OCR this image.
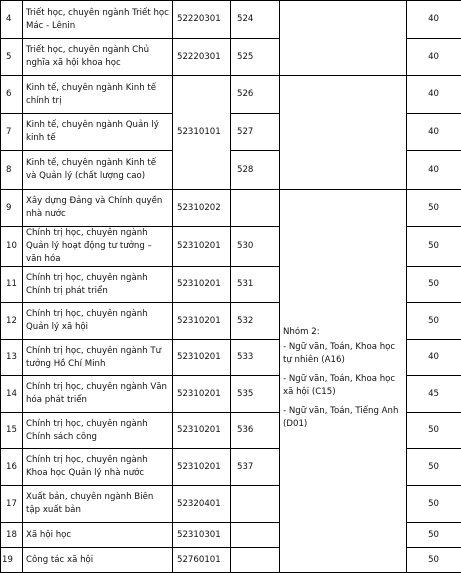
4	Triết học, chuyên ngành Triết học Mác - Lênin	52220301	524		40
5	Triết học, chuyên ngành Chủ nghĩa xã hội khoa học	52220301	525		40
6	Kinh tế, chuyên ngành Kinh tế chính trị	52310101	526		40
7	Kinh tế, chuyên ngành Quản lý kinh tế		527		40
8	Kinh tế, chuyên ngành Kinh tế và Quản lý (chất lượng cao)		528		40
9	Xây dựng Đảng và Chính quyền nhà nước	52310202		Nhóm 2:
- Ngữ văn, Toán, Khoa học tự nhiên (A16)
- Ngữ văn, Toán, Khoa học xã hội (C15)
- Ngữ văn, Toán, Tiếng Anh (D01)	50
10	Chính trị học, chuyên ngành Quản lý hoạt động tư tưởng – văn hóa	52310201	530		50
11	Chính trị học, chuyên ngành Chính trị phát triển	52310201	531		50
12	Chính trị học, chuyên ngành Quản lý xã hội	52310201	532		50
13	Chính trị học, chuyên ngành Tư tưởng Hồ Chí Minh	52310201	533		40
14	Chính trị học, chuyên ngành Văn hóa phát triển	52310201	535		45
15	Chính trị học, chuyên ngành Chính sách công	52310201	536		50
16	Chính trị học, chuyên ngành Khoa học Quản lý nhà nước	52310201	537		50
17	Xuất bản, chuyên ngành Biên tập xuất bản	52320401			50
18	Xã hội học	52310301			50
19	Công tác xã hội	52760101			50
